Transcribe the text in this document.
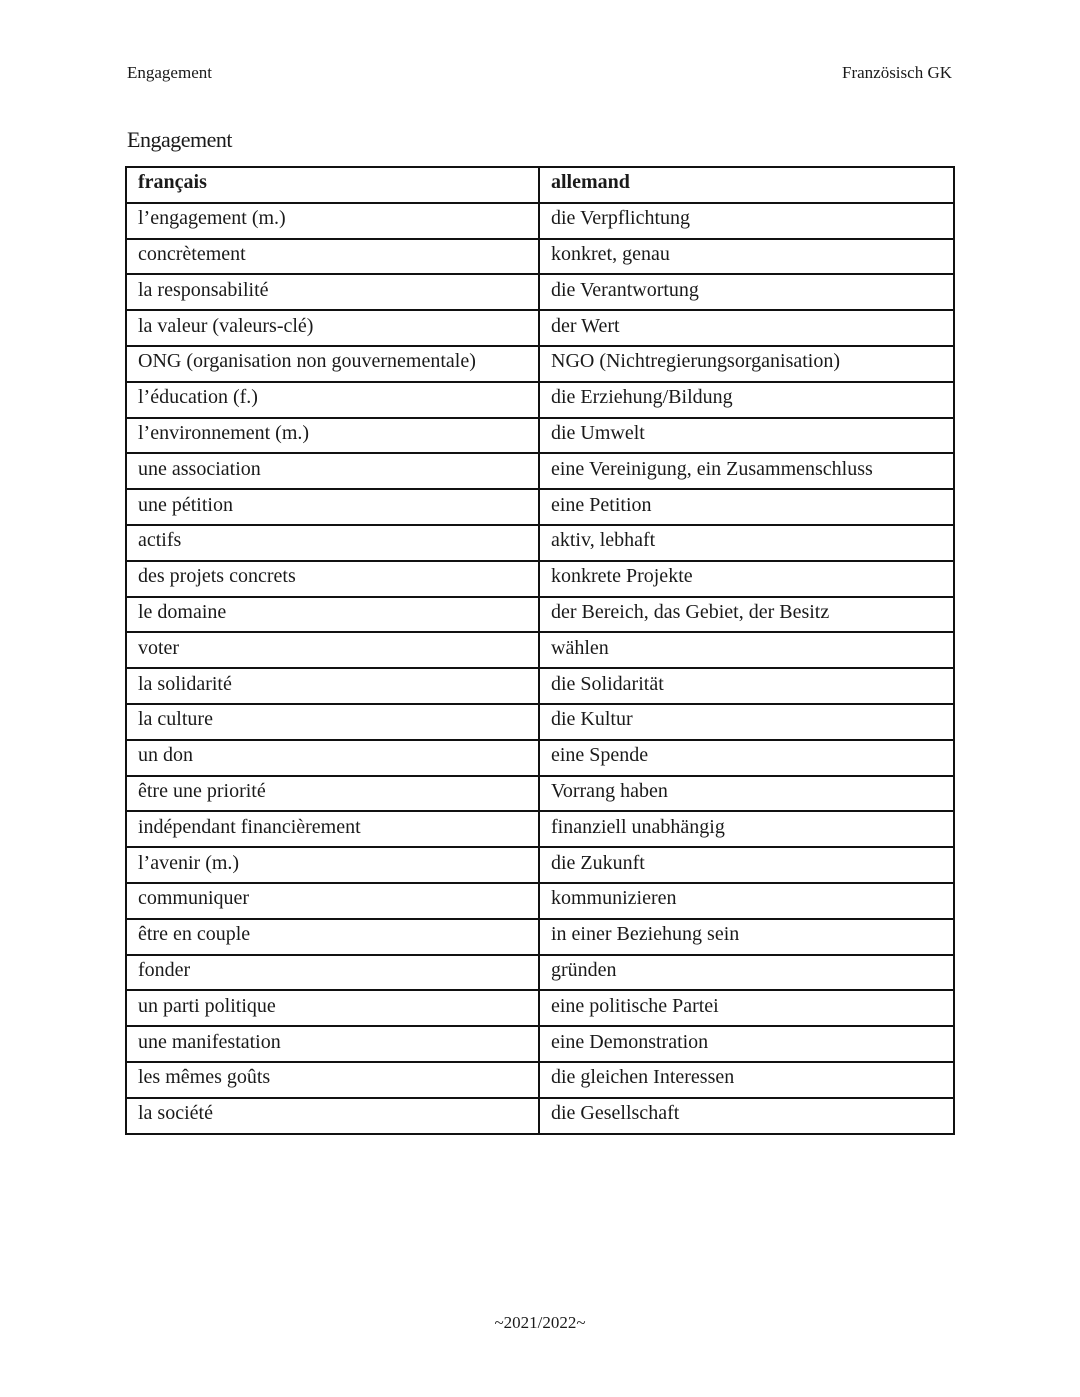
Engagement	Französisch GK
Engagement
français	allemand
l’engagement (m.)	die Verpflichtung
concrètement	konkret, genau
la responsabilité	die Verantwortung
la valeur (valeurs-clé)	der Wert
ONG (organisation non gouvernementale)	NGO (Nichtregierungsorganisation)
l’éducation (f.)	die Erziehung/Bildung
l’environnement (m.)	die Umwelt
une association	eine Vereinigung, ein Zusammenschluss
une pétition	eine Petition
actifs	aktiv, lebhaft
des projets concrets	konkrete Projekte
le domaine	der Bereich, das Gebiet, der Besitz
voter	wählen
la solidarité	die Solidarität
la culture	die Kultur
un don	eine Spende
être une priorité	Vorrang haben
indépendant financièrement	finanziell unabhängig
l’avenir (m.)	die Zukunft
communiquer	kommunizieren
être en couple	in einer Beziehung sein
fonder	gründen
un parti politique	eine politische Partei
une manifestation	eine Demonstration
les mêmes goûts	die gleichen Interessen
la société	die Gesellschaft
~2021/2022~
